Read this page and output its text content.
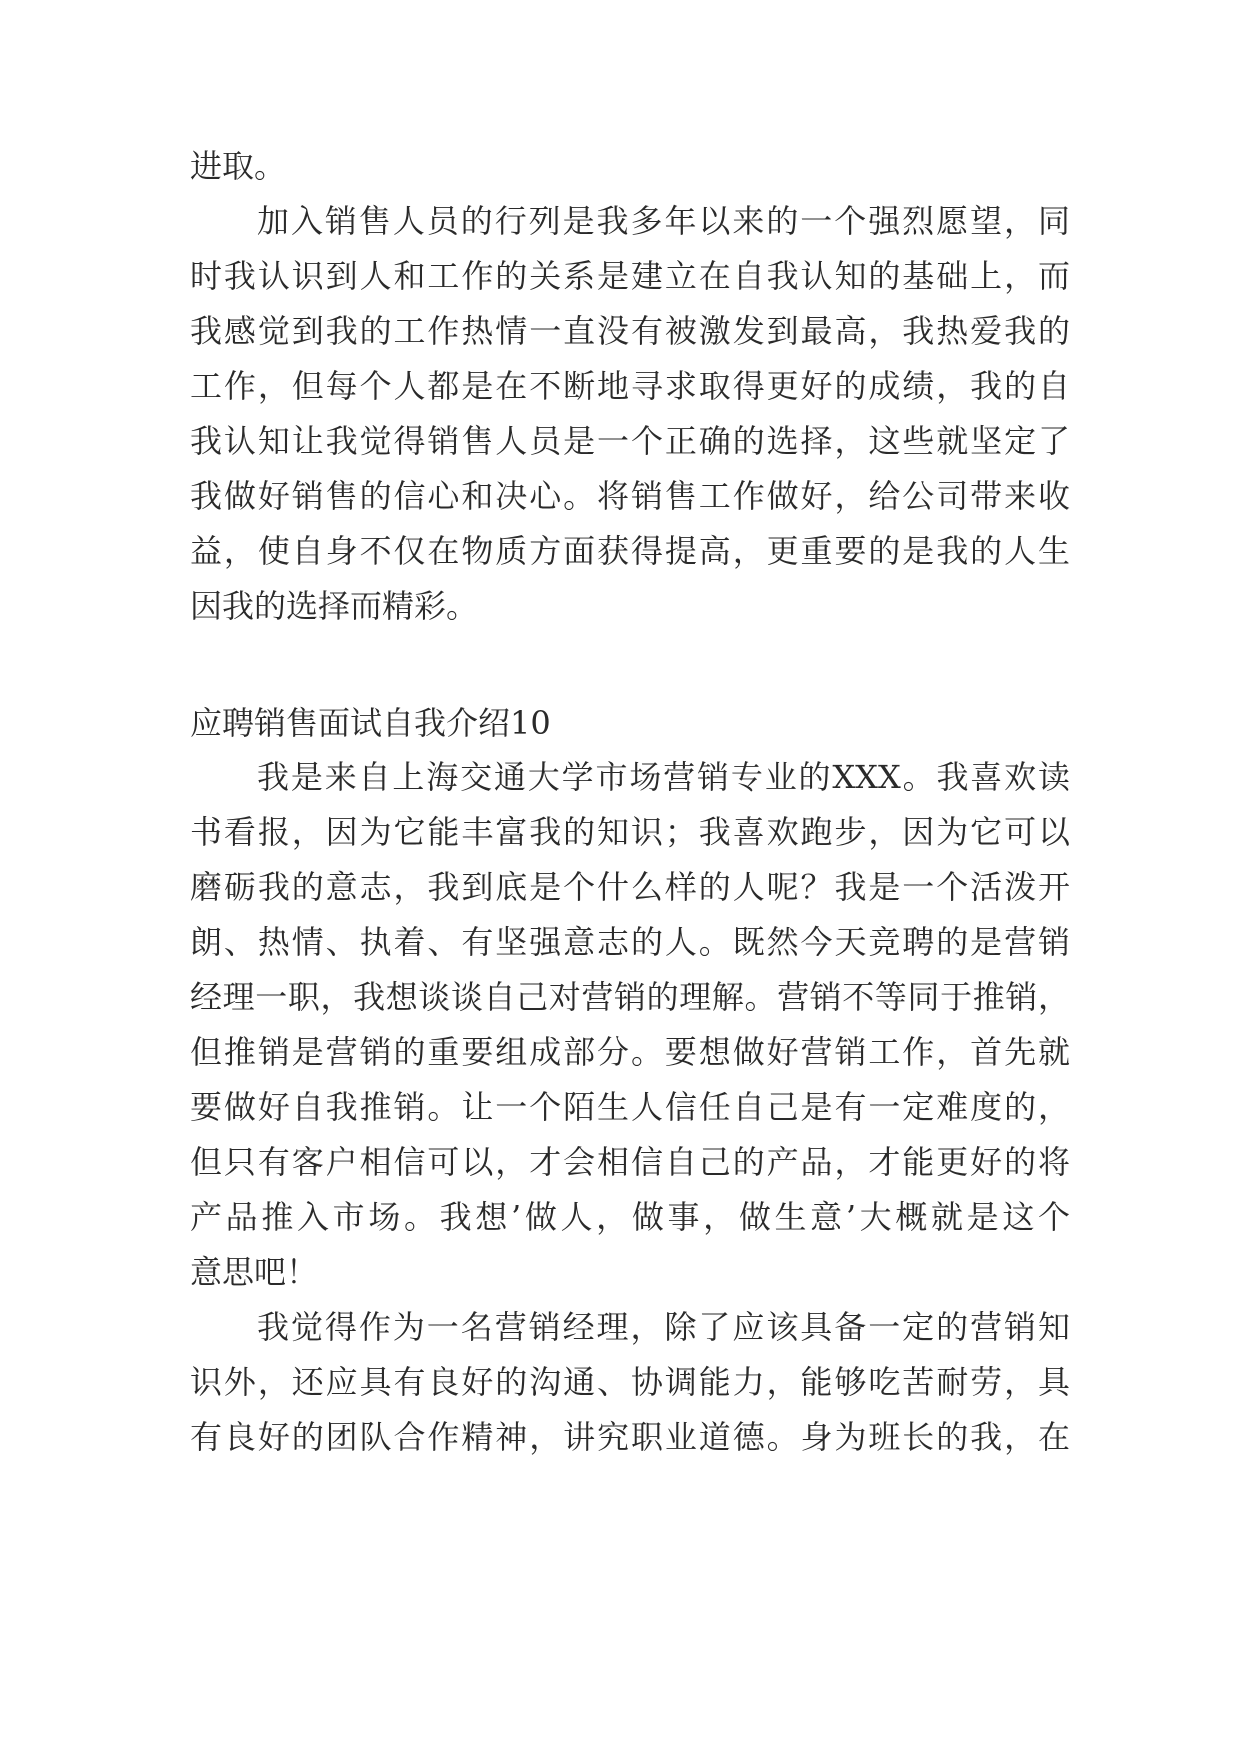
进取。
加入销售人员的行列是我多年以来的一个强烈愿望，同
时我认识到人和工作的关系是建立在自我认知的基础上，而
我感觉到我的工作热情一直没有被激发到最高，我热爱我的
工作，但每个人都是在不断地寻求取得更好的成绩，我的自
我认知让我觉得销售人员是一个正确的选择，这些就坚定了
我做好销售的信心和决心。将销售工作做好，给公司带来收
益，使自身不仅在物质方面获得提高，更重要的是我的人生
因我的选择而精彩。
应聘销售面试自我介绍10
我是来自上海交通大学市场营销专业的XXX。我喜欢读
书看报，因为它能丰富我的知识；我喜欢跑步，因为它可以
磨砺我的意志，我到底是个什么样的人呢？我是一个活泼开
朗、热情、执着、有坚强意志的人。既然今天竞聘的是营销
经理一职，我想谈谈自己对营销的理解。营销不等同于推销，
但推销是营销的重要组成部分。要想做好营销工作，首先就
要做好自我推销。让一个陌生人信任自己是有一定难度的，
但只有客户相信可以，才会相信自己的产品，才能更好的将
产品推入市场。我想’做人，做事，做生意’大概就是这个
意思吧！
我觉得作为一名营销经理，除了应该具备一定的营销知
识外，还应具有良好的沟通、协调能力，能够吃苦耐劳，具
有良好的团队合作精神，讲究职业道德。身为班长的我，在
